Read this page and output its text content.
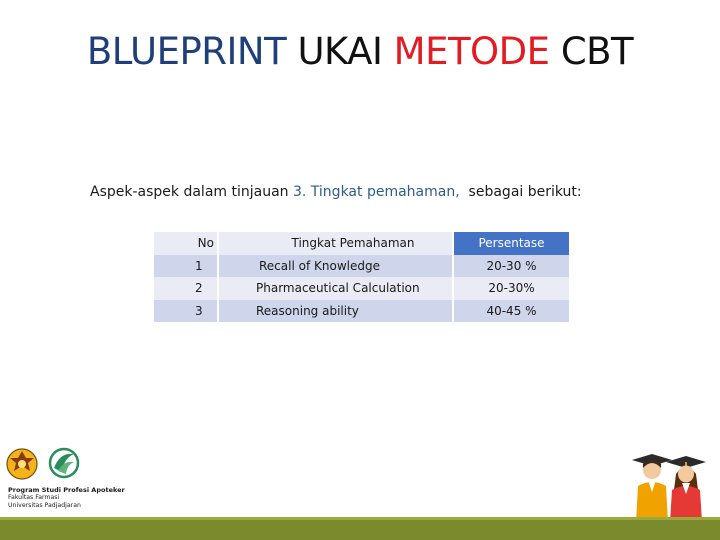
BLUEPRINT UKAI METODE CBT
Aspek-aspek dalam tinjauan 3. Tingkat pemahaman,  sebagai berikut:
No		Tingkat Pemahaman		Persentase
1		Recall of Knowledge		20-30 %
2		Pharmaceutical Calculation		20-30%
3		Reasoning ability		40-45 %
Program Studi Profesi Apoteker
Fakultas Farmasi
Universitas Padjadjaran
